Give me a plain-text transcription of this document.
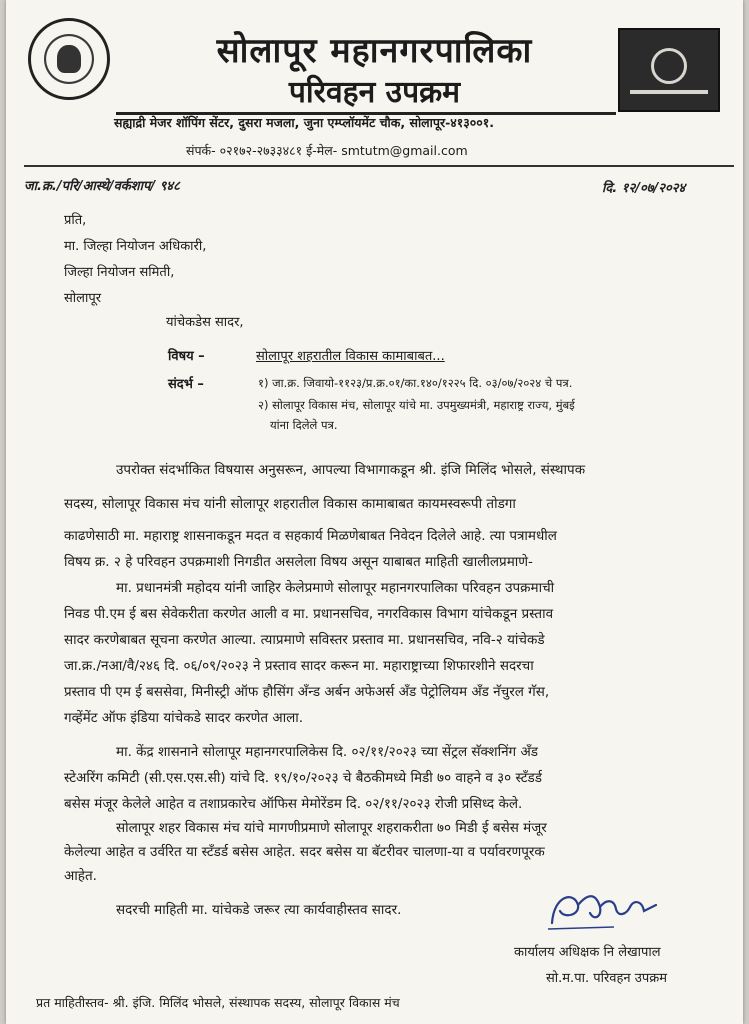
सोलापूर महानगरपालिका
परिवहन उपक्रम
सह्याद्री मेजर शॉपिंग सेंटर, दुसरा मजला, जुना एम्प्लॉयमेंट चौक, सोलापूर-४१३००१.
संपर्क- ०२१७२-२७३३४८१ ई-मेल- smtutm@gmail.com
जा.क्र./परि/आस्थे/वर्कशाप/ ९४८	दि. १२/०७/२०२४
प्रति,
मा. जिल्हा नियोजन अधिकारी,
जिल्हा नियोजन समिती,
सोलापूर
यांचेकडेस सादर,
विषय –	सोलापूर शहरातील विकास कामाबाबत...
संदर्भ –	१) जा.क्र. जिवायो-११२३/प्र.क्र.०१/का.१४०/१२२५ दि. ०३/०७/२०२४ चे पत्र.
२) सोलापूर विकास मंच, सोलापूर यांचे मा. उपमुख्यमंत्री, महाराष्ट्र राज्य, मुंबई
यांना दिलेले पत्र.
उपरोक्त संदर्भाकित विषयास अनुसरून, आपल्या विभागाकडून श्री. इंजि मिलिंद भोसले, संस्थापक
सदस्य, सोलापूर विकास मंच यांनी सोलापूर शहरातील विकास कामाबाबत कायमस्वरूपी तोडगा
काढणेसाठी मा. महाराष्ट्र शासनाकडून मदत व सहकार्य मिळणेबाबत निवेदन दिलेले आहे. त्या पत्रामधील
विषय क्र. २ हे परिवहन उपक्रमाशी निगडीत असलेला विषय असून याबाबत माहिती खालीलप्रमाणे-
मा. प्रधानमंत्री महोदय यांनी जाहिर केलेप्रमाणे सोलापूर महानगरपालिका परिवहन उपक्रमाची
निवड पी.एम ई बस सेवेकरीता करणेत आली व मा. प्रधानसचिव, नगरविकास विभाग यांचेकडून प्रस्ताव
सादर करणेबाबत सूचना करणेत आल्या. त्याप्रमाणे सविस्तर प्रस्ताव मा. प्रधानसचिव, नवि-२ यांचेकडे
जा.क्र./नआ/वै/२४६ दि. ०६/०९/२०२३ ने प्रस्ताव सादर करून मा. महाराष्ट्राच्या शिफारशीने सदरचा
प्रस्ताव पी एम ई बससेवा, मिनीस्ट्री ऑफ हौसिंग अँन्ड अर्बन अफेअर्स अँड पेट्रोलियम अँड नॅचुरल गॅस,
गव्हेंमेंट ऑफ इंडिया यांचेकडे सादर करणेत आला.
मा. केंद्र शासनाने सोलापूर महानगरपालिकेस दि. ०२/११/२०२३ च्या सेंट्रल सॅक्शनिंग अँड
स्टेअरिंग कमिटी (सी.एस.एस.सी) यांचे दि. १९/१०/२०२३ चे बैठकीमध्ये मिडी ७० वाहने व ३० स्टॅंडर्ड
बसेस मंजूर केलेले आहेत व तशाप्रकारेच ऑफिस मेमोरेंडम दि. ०२/११/२०२३ रोजी प्रसिध्द केले.
सोलापूर शहर विकास मंच यांचे मागणीप्रमाणे सोलापूर शहराकरीता ७० मिडी ई बसेस मंजूर
केलेल्या आहेत व उर्वरित या स्टॅंडर्ड बसेस आहेत. सदर बसेस या बॅटरीवर चालणा-या व पर्यावरणपूरक
आहेत.
सदरची माहिती मा. यांचेकडे जरूर त्या कार्यवाहीस्तव सादर.
कार्यालय अधिक्षक नि लेखापाल
सो.म.पा. परिवहन उपक्रम
प्रत माहितीस्तव- श्री. इंजि. मिलिंद भोसले, संस्थापक सदस्य, सोलापूर विकास मंच
